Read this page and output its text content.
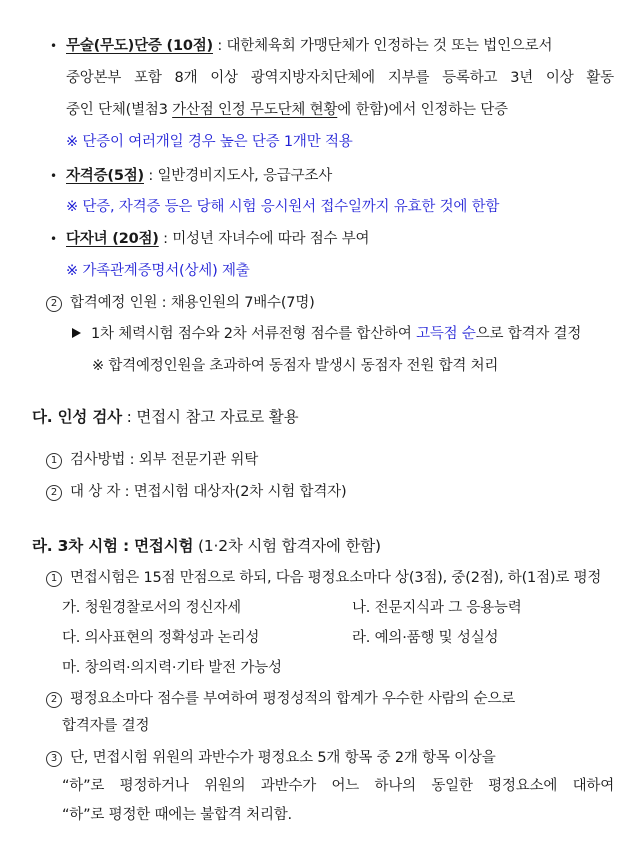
• 무술(무도)단증 (10점) : 대한체육회 가맹단체가 인정하는 것 또는 법인으로서
중앙본부 포함 8개 이상 광역지방자치단체에 지부를 등록하고 3년 이상 활동
중인 단체(별첨3 가산점 인정 무도단체 현황에 한함)에서 인정하는 단증
※ 단증이 여러개일 경우 높은 단증 1개만 적용
• 자격증(5점) : 일반경비지도사, 응급구조사
※ 단증, 자격증 등은 당해 시험 응시원서 접수일까지 유효한 것에 한함
• 다자녀 (20점) : 미성년 자녀수에 따라 점수 부여
※ 가족관계증명서(상세) 제출
2 합격예정 인원 : 채용인원의 7배수(7명)
1차 체력시험 점수와 2차 서류전형 점수를 합산하여 고득점 순으로 합격자 결정
※ 합격예정인원을 초과하여 동점자 발생시 동점자 전원 합격 처리
다. 인성 검사 : 면접시 참고 자료로 활용
1 검사방법 : 외부 전문기관 위탁
2 대 상 자 : 면접시험 대상자(2차 시험 합격자)
라. 3차 시험 : 면접시험 (1·2차 시험 합격자에 한함)
1 면접시험은 15점 만점으로 하되, 다음 평정요소마다 상(3점), 중(2점), 하(1점)로 평정
가. 청원경찰로서의 정신자세	나. 전문지식과 그 응용능력
다. 의사표현의 정확성과 논리성	라. 예의·품행 및 성실성
마. 창의력·의지력·기타 발전 가능성
2 평정요소마다 점수를 부여하여 평정성적의 합계가 우수한 사람의 순으로
합격자를 결정
3 단, 면접시험 위원의 과반수가 평정요소 5개 항목 중 2개 항목 이상을
“하”로 평정하거나 위원의 과반수가 어느 하나의 동일한 평정요소에 대하여
“하”로 평정한 때에는 불합격 처리함.
